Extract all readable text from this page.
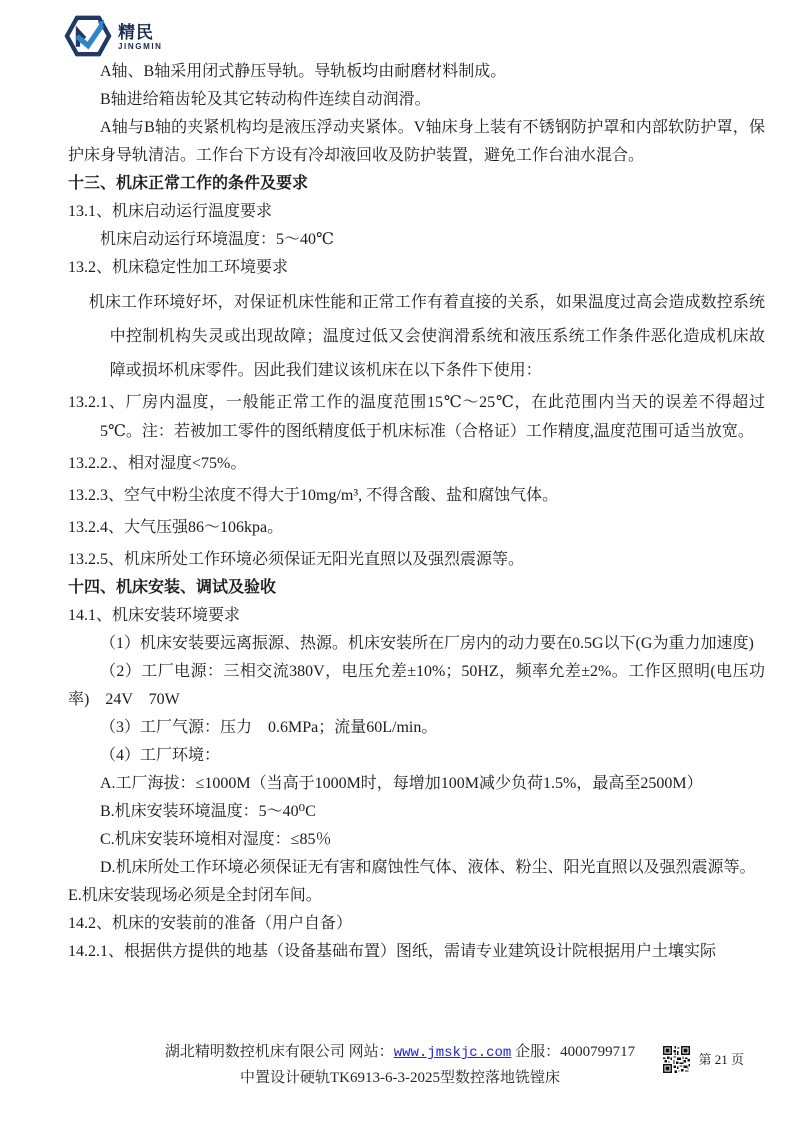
精民
JINGMIN

A轴、B轴采用闭式静压导轨。导轨板均由耐磨材料制成。

B轴进给箱齿轮及其它转动构件连续自动润滑。

A轴与B轴的夹紧机构均是液压浮动夹紧体。V轴床身上装有不锈钢防护罩和内部软防护罩，保护床身导轨清洁。工作台下方设有冷却液回收及防护装置，避免工作台油水混合。

十三、机床正常工作的条件及要求

13.1、机床启动运行温度要求

机床启动运行环境温度：5～40℃

13.2、机床稳定性加工环境要求

机床工作环境好坏，对保证机床性能和正常工作有着直接的关系，如果温度过高会造成数控系统中控制机构失灵或出现故障；温度过低又会使润滑系统和液压系统工作条件恶化造成机床故障或损坏机床零件。因此我们建议该机床在以下条件下使用：

13.2.1、厂房内温度，一般能正常工作的温度范围15℃～25℃，在此范围内当天的误差不得超过5℃。注：若被加工零件的图纸精度低于机床标准（合格证）工作精度,温度范围可适当放宽。

13.2.2.、相对湿度<75%。

13.2.3、空气中粉尘浓度不得大于10mg/m³, 不得含酸、盐和腐蚀气体。

13.2.4、大气压强86～106kpa。

13.2.5、机床所处工作环境必须保证无阳光直照以及强烈震源等。

十四、机床安装、调试及验收

14.1、机床安装环境要求

（1）机床安装要远离振源、热源。机床安装所在厂房内的动力要在0.5G以下(G为重力加速度)

（2）工厂电源：三相交流380V，电压允差±10%；50HZ，频率允差±2%。工作区照明(电压功率)　24V　70W

（3）工厂气源：压力　0.6MPa；流量60L/min。

（4）工厂环境：

A.工厂海拔：≤1000M（当高于1000M时，每增加100M减少负荷1.5%，最高至2500M）

B.机床安装环境温度：5～40⁰C

C.机床安装环境相对湿度：≤85％

D.机床所处工作环境必须保证无有害和腐蚀性气体、液体、粉尘、阳光直照以及强烈震源等。

E.机床安装现场必须是全封闭车间。

14.2、机床的安装前的准备（用户自备）

14.2.1、根据供方提供的地基（设备基础布置）图纸，需请专业建筑设计院根据用户土壤实际

湖北精明数控机床有限公司 网站：www.jmskjc.com 企服：4000799717
中置设计硬轨TK6913-6-3-2025型数控落地铣镗床
第 21 页
